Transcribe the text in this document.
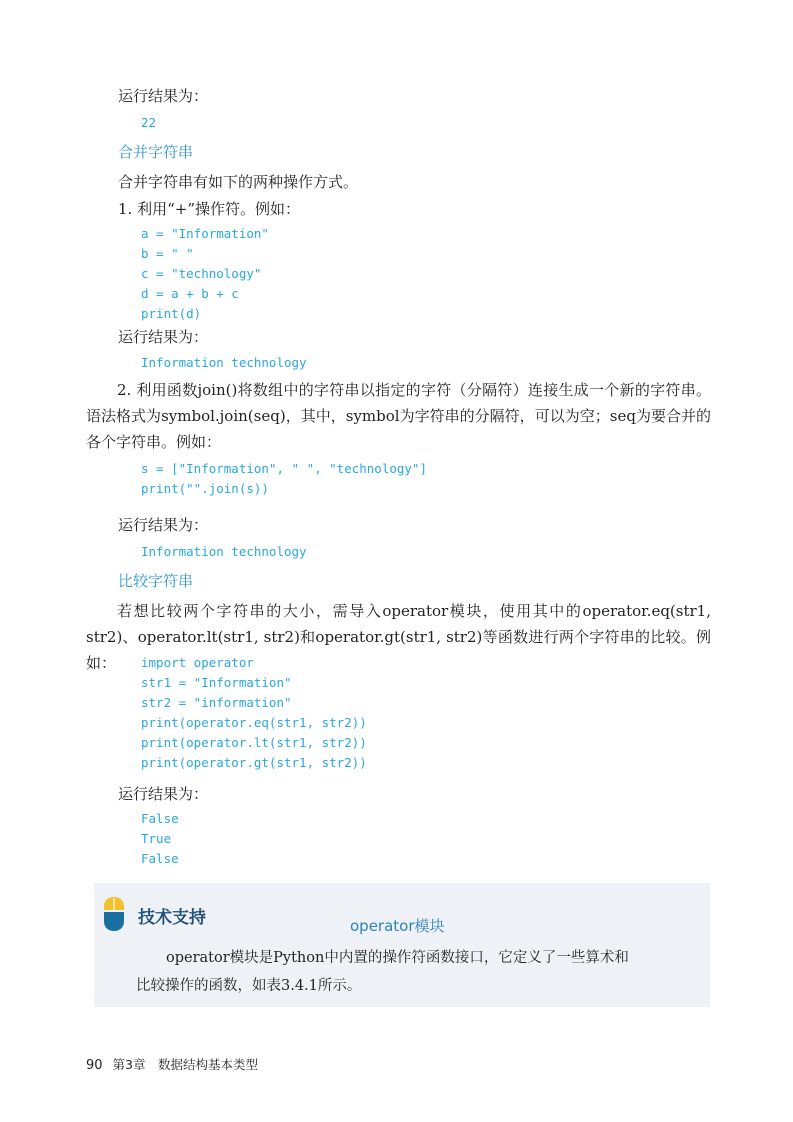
运行结果为：
22
合并字符串
合并字符串有如下的两种操作方式。
1. 利用“+”操作符。例如：
a = "Information"
b = " "
c = "technology"
d = a + b + c
print(d)
运行结果为：
Information technology
2. 利用函数join()将数组中的字符串以指定的字符（分隔符）连接生成一个新的字符串。语法格式为symbol.join(seq)，其中，symbol为字符串的分隔符，可以为空；seq为要合并的各个字符串。例如：
s = ["Information", " ", "technology"]
print("".join(s))
运行结果为：
Information technology
比较字符串
若想比较两个字符串的大小，需导入operator模块，使用其中的operator.eq(str1, str2)、operator.lt(str1, str2)和operator.gt(str1, str2)等函数进行两个字符串的比较。例如：	import operator
str1 = "Information"
str2 = "information"
print(operator.eq(str1, str2))
print(operator.lt(str1, str2))
print(operator.gt(str1, str2))
运行结果为：
False
True
False
技术支持	operator模块
operator模块是Python中内置的操作符函数接口，它定义了一些算术和
比较操作的函数，如表3.4.1所示。
90 第3章　数据结构基本类型
